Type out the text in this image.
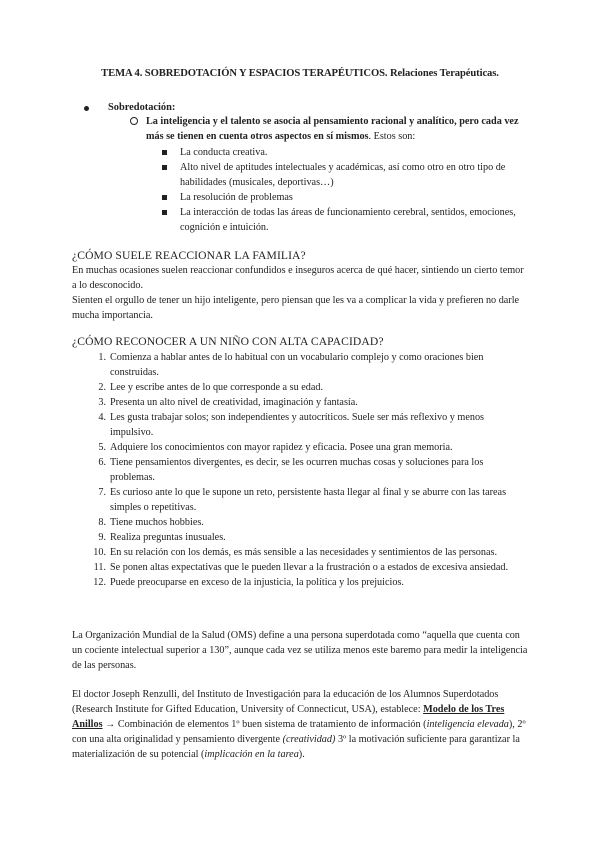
TEMA 4. SOBREDOTACIÓN Y ESPACIOS TERAPÉUTICOS. Relaciones Terapéuticas.
Sobredotación:
La inteligencia y el talento se asocia al pensamiento racional y analítico, pero cada vez más se tienen en cuenta otros aspectos en sí mismos. Estos son:
La conducta creativa.
Alto nivel de aptitudes intelectuales y académicas, así como otro en otro tipo de habilidades (musicales, deportivas…)
La resolución de problemas
La interacción de todas las áreas de funcionamiento cerebral, sentidos, emociones, cognición e intuición.
¿CÓMO SUELE REACCIONAR LA FAMILIA?
En muchas ocasiones suelen reaccionar confundidos e inseguros acerca de qué hacer, sintiendo un cierto temor a lo desconocido.
Sienten el orgullo de tener un hijo inteligente, pero piensan que les va a complicar la vida y prefieren no darle mucha importancia.
¿CÓMO RECONOCER A UN NIÑO CON ALTA CAPACIDAD?
1. Comienza a hablar antes de lo habitual con un vocabulario complejo y como oraciones bien construidas.
2. Lee y escribe antes de lo que corresponde a su edad.
3. Presenta un alto nivel de creatividad, imaginación y fantasía.
4. Les gusta trabajar solos; son independientes y autocríticos. Suele ser más reflexivo y menos impulsivo.
5. Adquiere los conocimientos con mayor rapidez y eficacia. Posee una gran memoria.
6. Tiene pensamientos divergentes, es decir, se les ocurren muchas cosas y soluciones para los problemas.
7. Es curioso ante lo que le supone un reto, persistente hasta llegar al final y se aburre con las tareas simples o repetitivas.
8. Tiene muchos hobbies.
9. Realiza preguntas inusuales.
10. En su relación con los demás, es más sensible a las necesidades y sentimientos de las personas.
11. Se ponen altas expectativas que le pueden llevar a la frustración o a estados de excesiva ansiedad.
12. Puede preocuparse en exceso de la injusticia, la política y los prejuicios.
La Organización Mundial de la Salud (OMS) define a una persona superdotada como “aquella que cuenta con un cociente intelectual superior a 130”, aunque cada vez se utiliza menos este baremo para medir la inteligencia de las personas.
El doctor Joseph Renzulli, del Instituto de Investigación para la educación de los Alumnos Superdotados (Research Institute for Gifted Education, University of Connecticut, USA), establece: Modelo de los Tres Anillos → Combinación de elementos 1º buen sistema de tratamiento de información (inteligencia elevada), 2º con una alta originalidad y pensamiento divergente (creatividad) 3º la motivación suficiente para garantizar la materialización de su potencial (implicación en la tarea).
